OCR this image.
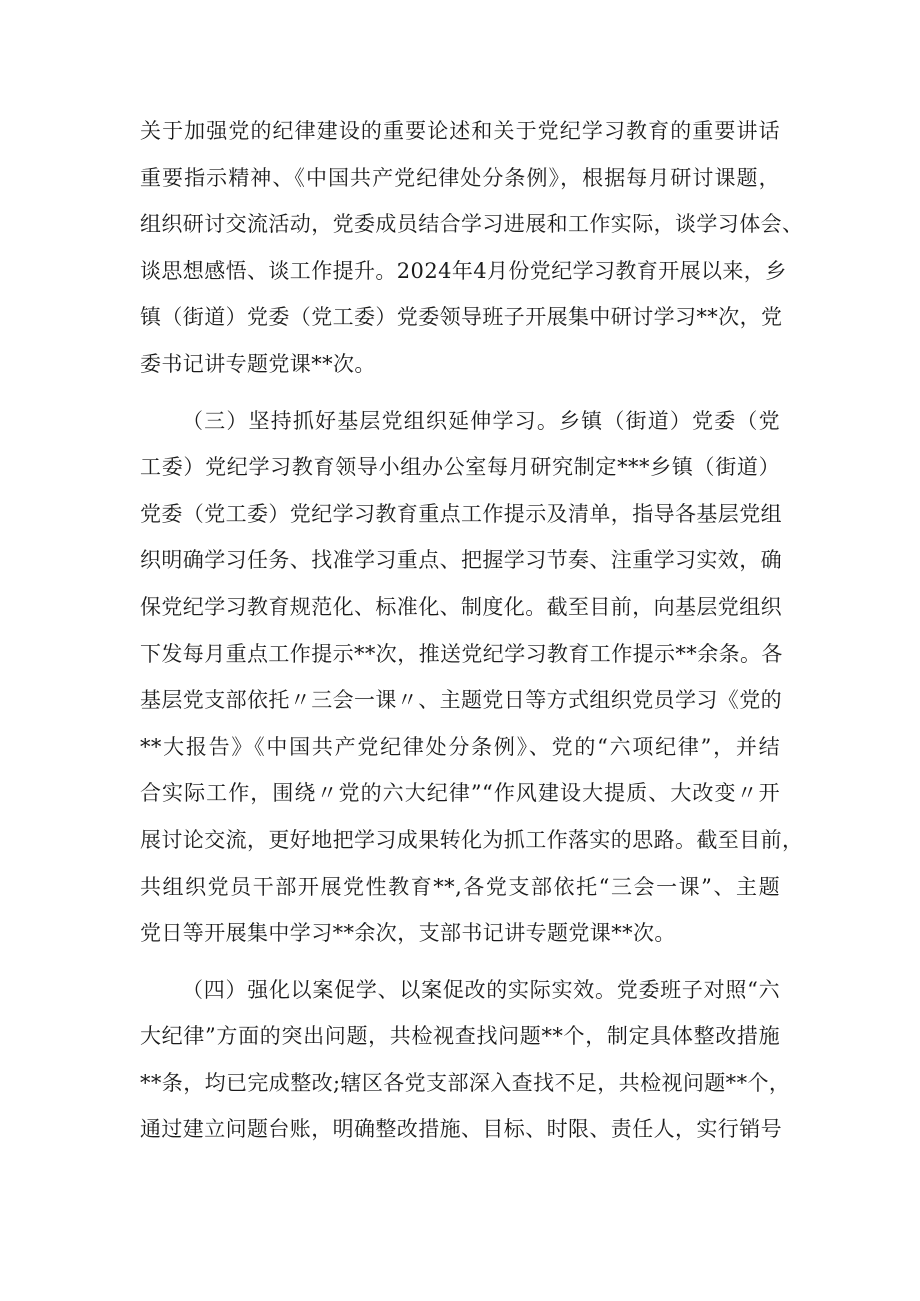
关于加强党的纪律建设的重要论述和关于党纪学习教育的重要讲话
重要指示精神、《中国共产党纪律处分条例》，根据每月研讨课题，
组织研讨交流活动，党委成员结合学习进展和工作实际，谈学习体会、
谈思想感悟、谈工作提升。2024年4月份党纪学习教育开展以来，乡
镇（街道）党委（党工委）党委领导班子开展集中研讨学习**次，党
委书记讲专题党课**次。
（三）坚持抓好基层党组织延伸学习。乡镇（街道）党委（党
工委）党纪学习教育领导小组办公室每月研究制定***乡镇（街道）
党委（党工委）党纪学习教育重点工作提示及清单，指导各基层党组
织明确学习任务、找准学习重点、把握学习节奏、注重学习实效，确
保党纪学习教育规范化、标准化、制度化。截至目前，向基层党组织
下发每月重点工作提示**次，推送党纪学习教育工作提示**余条。各
基层党支部依托〃三会一课〃、主题党日等方式组织党员学习《党的
**大报告》《中国共产党纪律处分条例》、党的“六项纪律”，并结
合实际工作，围绕〃党的六大纪律”“作风建设大提质、大改变〃开
展讨论交流，更好地把学习成果转化为抓工作落实的思路。截至目前，
共组织党员干部开展党性教育**,各党支部依托“三会一课”、主题
党日等开展集中学习**余次，支部书记讲专题党课**次。
（四）强化以案促学、以案促改的实际实效。党委班子对照“六
大纪律”方面的突出问题，共检视查找问题**个，制定具体整改措施
**条，均已完成整改;辖区各党支部深入查找不足，共检视问题**个，
通过建立问题台账，明确整改措施、目标、时限、责任人，实行销号
